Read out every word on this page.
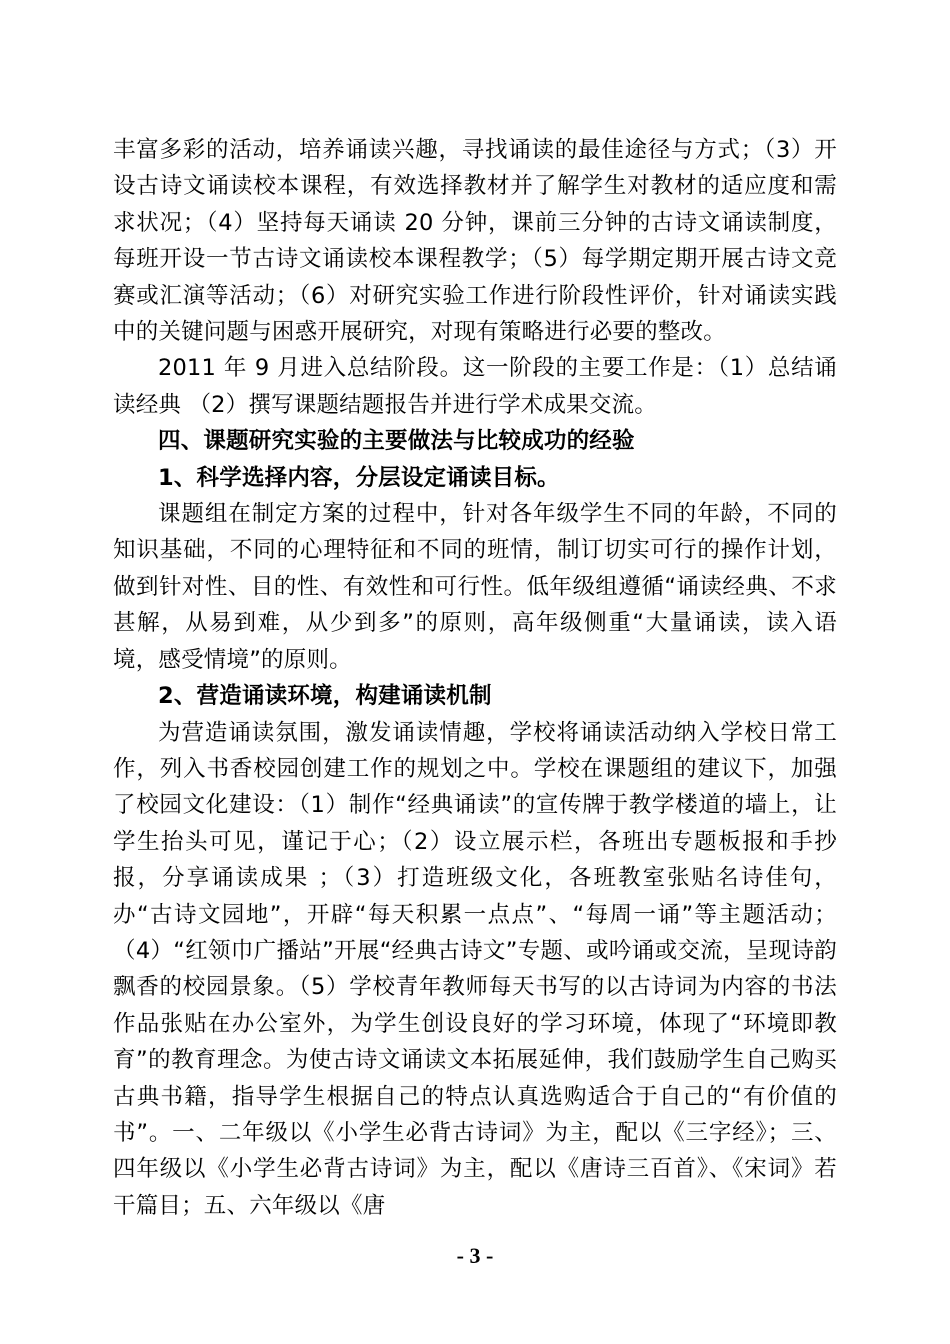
丰富多彩的活动，培养诵读兴趣，寻找诵读的最佳途径与方式；（3）开设古诗文诵读校本课程，有效选择教材并了解学生对教材的适应度和需求状况；（4）坚持每天诵读 20 分钟，课前三分钟的古诗文诵读制度， 每班开设一节古诗文诵读校本课程教学；（5）每学期定期开展古诗文竞赛或汇演等活动；（6）对研究实验工作进行阶段性评价，针对诵读实践中的关键问题与困惑开展研究，对现有策略进行必要的整改。

2011 年 9 月进入总结阶段。这一阶段的主要工作是：（1）总结诵读经典 （2）撰写课题结题报告并进行学术成果交流。

四、课题研究实验的主要做法与比较成功的经验

1、科学选择内容，分层设定诵读目标。

课题组在制定方案的过程中，针对各年级学生不同的年龄，不同的知识基础，不同的心理特征和不同的班情，制订切实可行的操作计划，做到针对性、目的性、有效性和可行性。低年级组遵循“诵读经典、不求甚解，从易到难，从少到多”的原则，高年级侧重“大量诵读，读入语境，感受情境”的原则。

2、营造诵读环境，构建诵读机制

为营造诵读氛围，激发诵读情趣，学校将诵读活动纳入学校日常工作，列入书香校园创建工作的规划之中。学校在课题组的建议下，加强了校园文化建设：（1）制作“经典诵读”的宣传牌于教学楼道的墙上，让学生抬头可见，谨记于心；（2）设立展示栏，各班出专题板报和手抄报，分享诵读成果 ；（3）打造班级文化，各班教室张贴名诗佳句，办“古诗文园地”，开辟“每天积累一点点”、“每周一诵”等主题活动；（4）“红领巾广播站”开展“经典古诗文”专题、或吟诵或交流，呈现诗韵飘香的校园景象。（5）学校青年教师每天书写的以古诗词为内容的书法作品张贴在办公室外，为学生创设良好的学习环境，体现了“环境即教育”的教育理念。为使古诗文诵读文本拓展延伸，我们鼓励学生自己购买古典书籍，指导学生根据自己的特点认真选购适合于自己的“有价值的书”。一、二年级以《小学生必背古诗词》为主，配以《三字经》；三、四年级以《小学生必背古诗词》为主，配以《唐诗三百首》、《宋词》若干篇目；五、六年级以《唐

- 3 -
